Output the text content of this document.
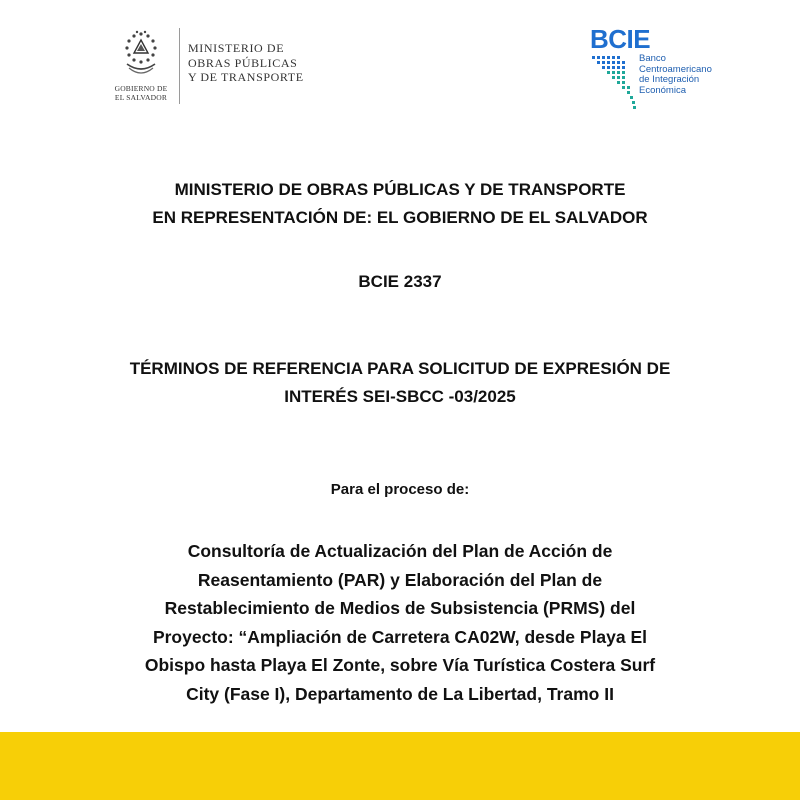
GOBIERNO DE
EL SALVADOR
MINISTERIO DE
OBRAS PÚBLICAS
Y DE TRANSPORTE
BCIE
Banco
Centroamericano
de Integración
Económica
MINISTERIO DE OBRAS PÚBLICAS Y DE TRANSPORTE
EN REPRESENTACIÓN DE: EL GOBIERNO DE EL SALVADOR
BCIE 2337
TÉRMINOS DE REFERENCIA PARA SOLICITUD DE EXPRESIÓN DE
INTERÉS SEI-SBCC -03/2025
Para el proceso de:
Consultoría de Actualización del Plan de Acción de
Reasentamiento (PAR) y Elaboración del Plan de
Restablecimiento de Medios de Subsistencia (PRMS) del
Proyecto: “Ampliación de Carretera CA02W, desde Playa El
Obispo hasta Playa El Zonte, sobre Vía Turística Costera Surf
City (Fase I), Departamento de La Libertad, Tramo II
